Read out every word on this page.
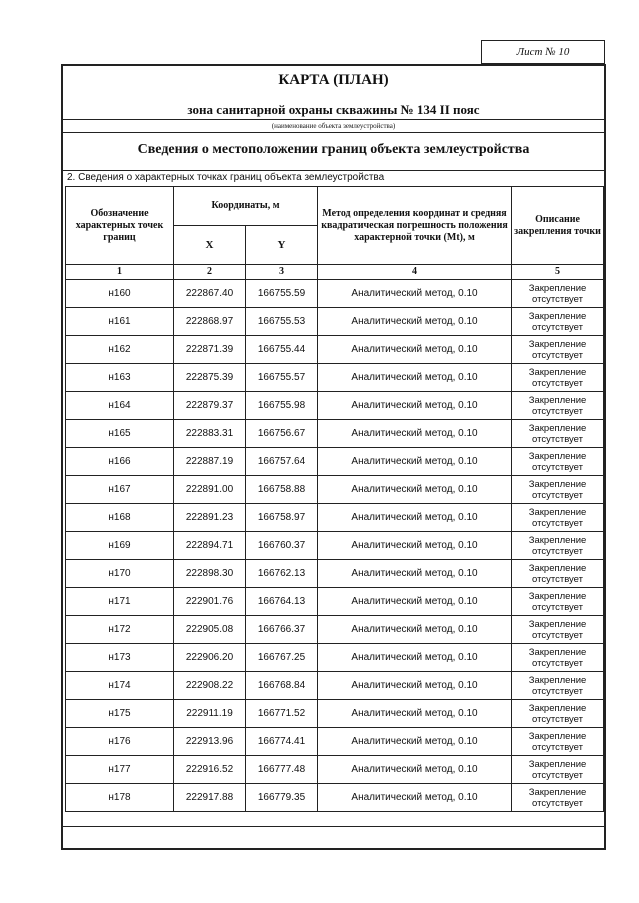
Лист № 10
КАРТА (ПЛАН)
зона санитарной охраны скважины № 134 II пояс
(наименование объекта землеустройства)
Сведения о местоположении границ объекта землеустройства
2. Сведения о характерных точках границ объекта землеустройства
Обозначение характерных точек границ	Координаты, м		Метод определения координат и средняя квадратическая погрешность положения характерной точки (Mt), м	Описание закрепления точки
	X	Y		
1	2	3	4	5
н160	222867.40	166755.59	Аналитический метод, 0.10	Закрепление отсутствует
н161	222868.97	166755.53	Аналитический метод, 0.10	Закрепление отсутствует
н162	222871.39	166755.44	Аналитический метод, 0.10	Закрепление отсутствует
н163	222875.39	166755.57	Аналитический метод, 0.10	Закрепление отсутствует
н164	222879.37	166755.98	Аналитический метод, 0.10	Закрепление отсутствует
н165	222883.31	166756.67	Аналитический метод, 0.10	Закрепление отсутствует
н166	222887.19	166757.64	Аналитический метод, 0.10	Закрепление отсутствует
н167	222891.00	166758.88	Аналитический метод, 0.10	Закрепление отсутствует
н168	222891.23	166758.97	Аналитический метод, 0.10	Закрепление отсутствует
н169	222894.71	166760.37	Аналитический метод, 0.10	Закрепление отсутствует
н170	222898.30	166762.13	Аналитический метод, 0.10	Закрепление отсутствует
н171	222901.76	166764.13	Аналитический метод, 0.10	Закрепление отсутствует
н172	222905.08	166766.37	Аналитический метод, 0.10	Закрепление отсутствует
н173	222906.20	166767.25	Аналитический метод, 0.10	Закрепление отсутствует
н174	222908.22	166768.84	Аналитический метод, 0.10	Закрепление отсутствует
н175	222911.19	166771.52	Аналитический метод, 0.10	Закрепление отсутствует
н176	222913.96	166774.41	Аналитический метод, 0.10	Закрепление отсутствует
н177	222916.52	166777.48	Аналитический метод, 0.10	Закрепление отсутствует
н178	222917.88	166779.35	Аналитический метод, 0.10	Закрепление отсутствует
